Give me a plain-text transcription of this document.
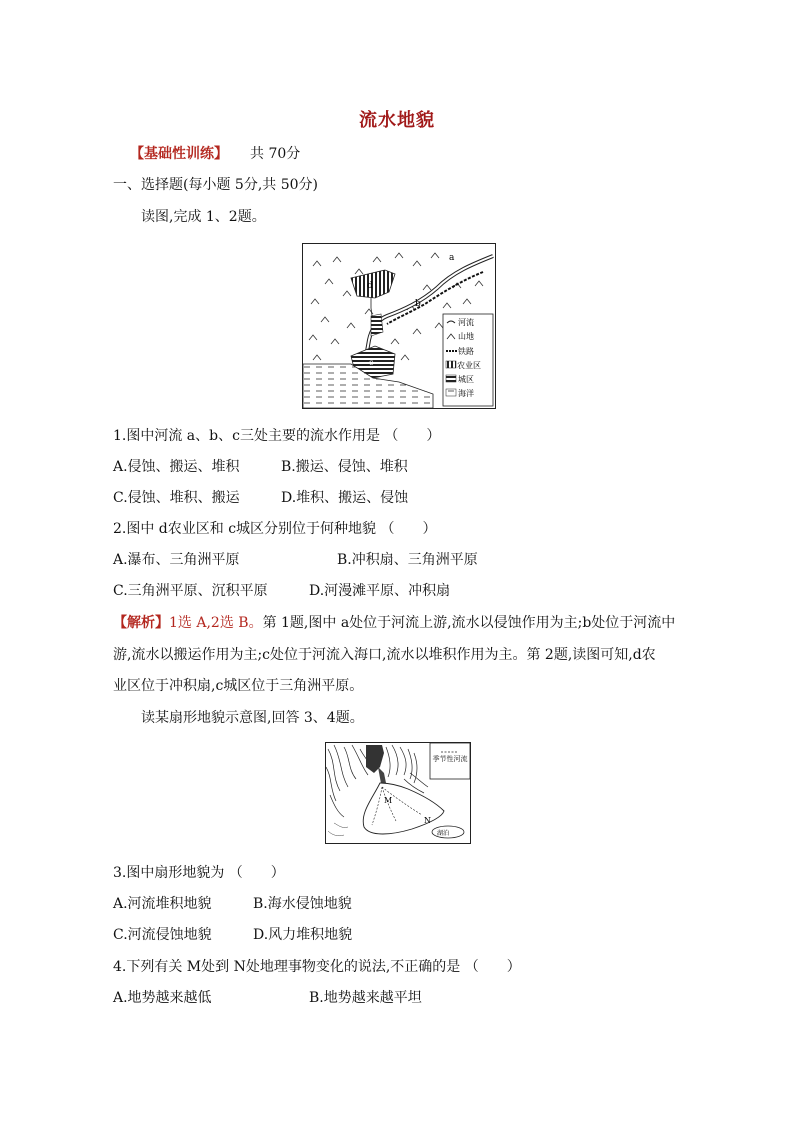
流水地貌
【基础性训练】 共 70分
一、选择题(每小题 5分,共 50分)
读图,完成 1、2题。
a
b
c
d
河流
山地
铁路
农业区
城区
海洋
1.图中河流 a、b、c三处主要的流水作用是 （　　）
A.侵蚀、搬运、堆积	B.搬运、侵蚀、堆积
C.侵蚀、堆积、搬运	D.堆积、搬运、侵蚀
2.图中 d农业区和 c城区分别位于何种地貌 （　　）
A.瀑布、三角洲平原	B.冲积扇、三角洲平原
C.三角洲平原、沉积平原	D.河漫滩平原、冲积扇
【解析】1选 A,2选 B。第 1题,图中 a处位于河流上游,流水以侵蚀作用为主;b处位于河流中
游,流水以搬运作用为主;c处位于河流入海口,流水以堆积作用为主。第 2题,读图可知,d农
业区位于冲积扇,c城区位于三角洲平原。
读某扇形地貌示意图,回答 3、4题。
M
N
湖泊
季节性河流
3.图中扇形地貌为 （　　）
A.河流堆积地貌	B.海水侵蚀地貌
C.河流侵蚀地貌	D.风力堆积地貌
4.下列有关 M处到 N处地理事物变化的说法,不正确的是 （　　）
A.地势越来越低	B.地势越来越平坦
